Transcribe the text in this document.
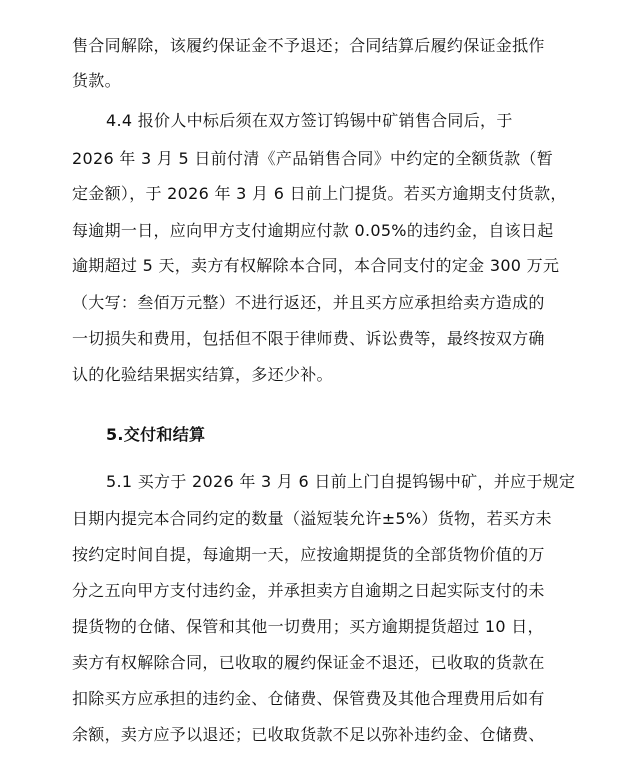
售合同解除，该履约保证金不予退还；合同结算后履约保证金抵作
货款。
4.4 报价人中标后须在双方签订钨锡中矿销售合同后，于
2026 年 3 月 5 日前付清《产品销售合同》中约定的全额货款（暂
定金额），于 2026 年 3 月 6 日前上门提货。若买方逾期支付货款，
每逾期一日，应向甲方支付逾期应付款 0.05%的违约金，自该日起
逾期超过 5 天，卖方有权解除本合同，本合同支付的定金 300 万元
（大写：叁佰万元整）不进行返还，并且买方应承担给卖方造成的
一切损失和费用，包括但不限于律师费、诉讼费等，最终按双方确
认的化验结果据实结算，多还少补。
5.交付和结算
5.1 买方于 2026 年 3 月 6 日前上门自提钨锡中矿，并应于规定
日期内提完本合同约定的数量（溢短装允许±5%）货物，若买方未
按约定时间自提，每逾期一天，应按逾期提货的全部货物价值的万
分之五向甲方支付违约金，并承担卖方自逾期之日起实际支付的未
提货物的仓储、保管和其他一切费用；买方逾期提货超过 10 日，
卖方有权解除合同，已收取的履约保证金不退还，已收取的货款在
扣除买方应承担的违约金、仓储费、保管费及其他合理费用后如有
余额，卖方应予以退还；已收取货款不足以弥补违约金、仓储费、
